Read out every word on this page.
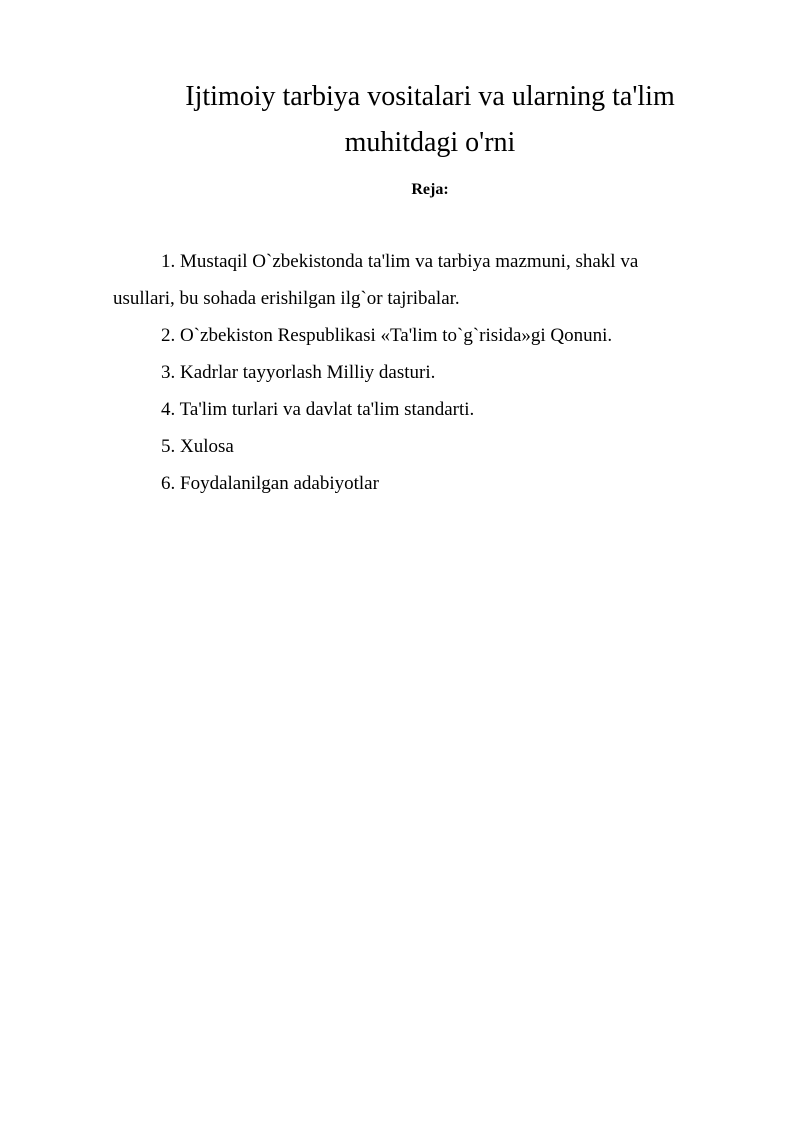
Ijtimoiy tarbiya vositalari va ularning ta'lim muhitdagi o'rni
Reja:
1. Mustaqil O`zbekistonda ta'lim va tarbiya mazmuni, shakl va usullari, bu sohada erishilgan ilg`or tajribalar.
2. O`zbekiston Respublikasi «Ta'lim to`g`risida»gi Qonuni.
3. Kadrlar tayyorlash Milliy dasturi.
4. Ta'lim turlari va davlat ta'lim standarti.
5. Xulosa
6. Foydalanilgan adabiyotlar
